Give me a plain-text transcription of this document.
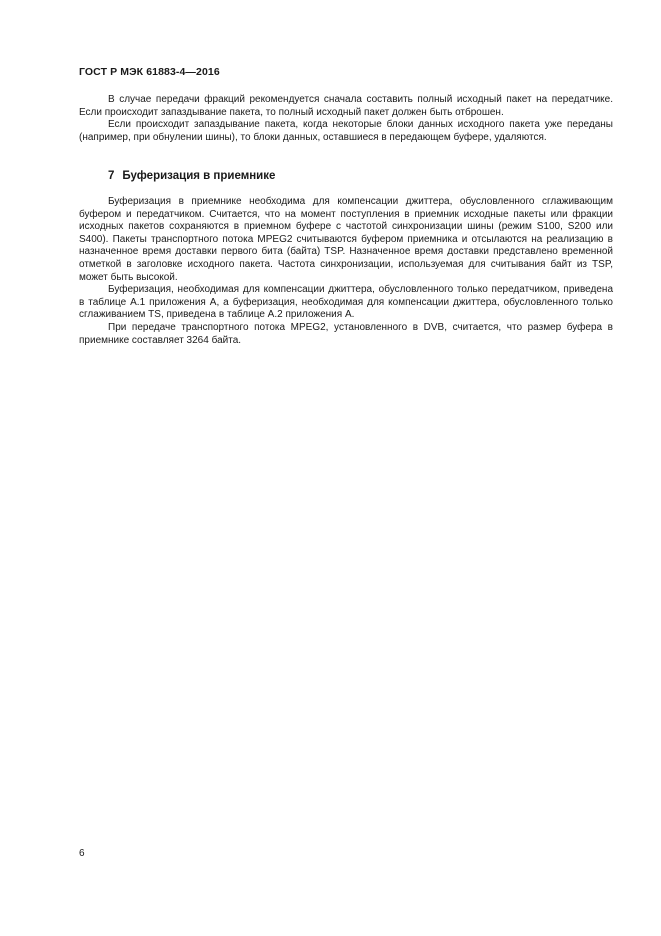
ГОСТ Р МЭК 61883-4—2016

В случае передачи фракций рекомендуется сначала составить полный исходный пакет на передатчике. Если происходит запаздывание пакета, то полный исходный пакет должен быть отброшен.

Если происходит запаздывание пакета, когда некоторые блоки данных исходного пакета уже переданы (например, при обнулении шины), то блоки данных, оставшиеся в передающем буфере, удаляются.

7 Буферизация в приемнике

Буферизация в приемнике необходима для компенсации джиттера, обусловленного сглаживающим буфером и передатчиком. Считается, что на момент поступления в приемник исходные пакеты или фракции исходных пакетов сохраняются в приемном буфере с частотой синхронизации шины (режим S100, S200 или S400). Пакеты транспортного потока MPEG2 считываются буфером приемника и отсылаются на реализацию в назначенное время доставки первого бита (байта) TSP. Назначенное время доставки представлено временной отметкой в заголовке исходного пакета. Частота синхронизации, используемая для считывания байт из TSP, может быть высокой.

Буферизация, необходимая для компенсации джиттера, обусловленного только передатчиком, приведена в таблице А.1 приложения А, а буферизация, необходимая для компенсации джиттера, обусловленного только сглаживанием TS, приведена в таблице А.2 приложения А.

При передаче транспортного потока MPEG2, установленного в DVB, считается, что размер буфера в приемнике составляет 3264 байта.

6
